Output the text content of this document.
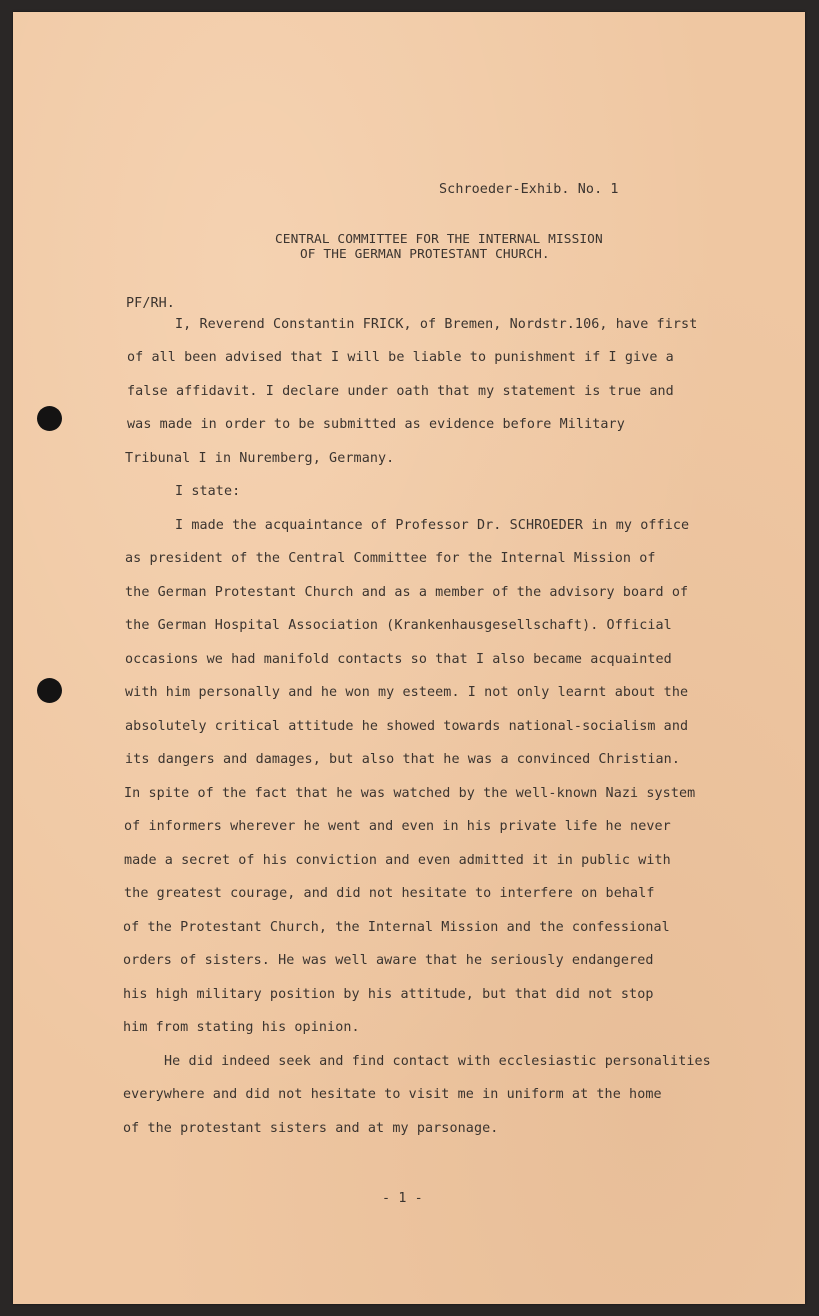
Schroeder-Exhib. No. 1
CENTRAL COMMITTEE FOR THE INTERNAL MISSION
OF THE GERMAN PROTESTANT CHURCH.
PF/RH.
I, Reverend Constantin FRICK, of Bremen, Nordstr.106, have first
of all been advised that I will be liable to punishment if I give a
false affidavit. I declare under oath that my statement is true and
was made in order to be submitted as evidence before Military
Tribunal I in Nuremberg, Germany.
I state:
I made the acquaintance of Professor Dr. SCHROEDER in my office
as president of the Central Committee for the Internal Mission of
the German Protestant Church and as a member of the advisory board of
the German Hospital Association (Krankenhausgesellschaft). Official
occasions we had manifold contacts so that I also became acquainted
with him personally and he won my esteem. I not only learnt about the
absolutely critical attitude he showed towards national-socialism and
its dangers and damages, but also that he was a convinced Christian.
In spite of the fact that he was watched by the well-known Nazi system
of informers wherever he went and even in his private life he never
made a secret of his conviction and even admitted it in public with
the greatest courage, and did not hesitate to interfere on behalf
of the Protestant Church, the Internal Mission and the confessional
orders of sisters. He was well aware that he seriously endangered
his high military position by his attitude, but that did not stop
him from stating his opinion.
He did indeed seek and find contact with ecclesiastic personalities
everywhere and did not hesitate to visit me in uniform at the home
of the protestant sisters and at my parsonage.
- 1 -
